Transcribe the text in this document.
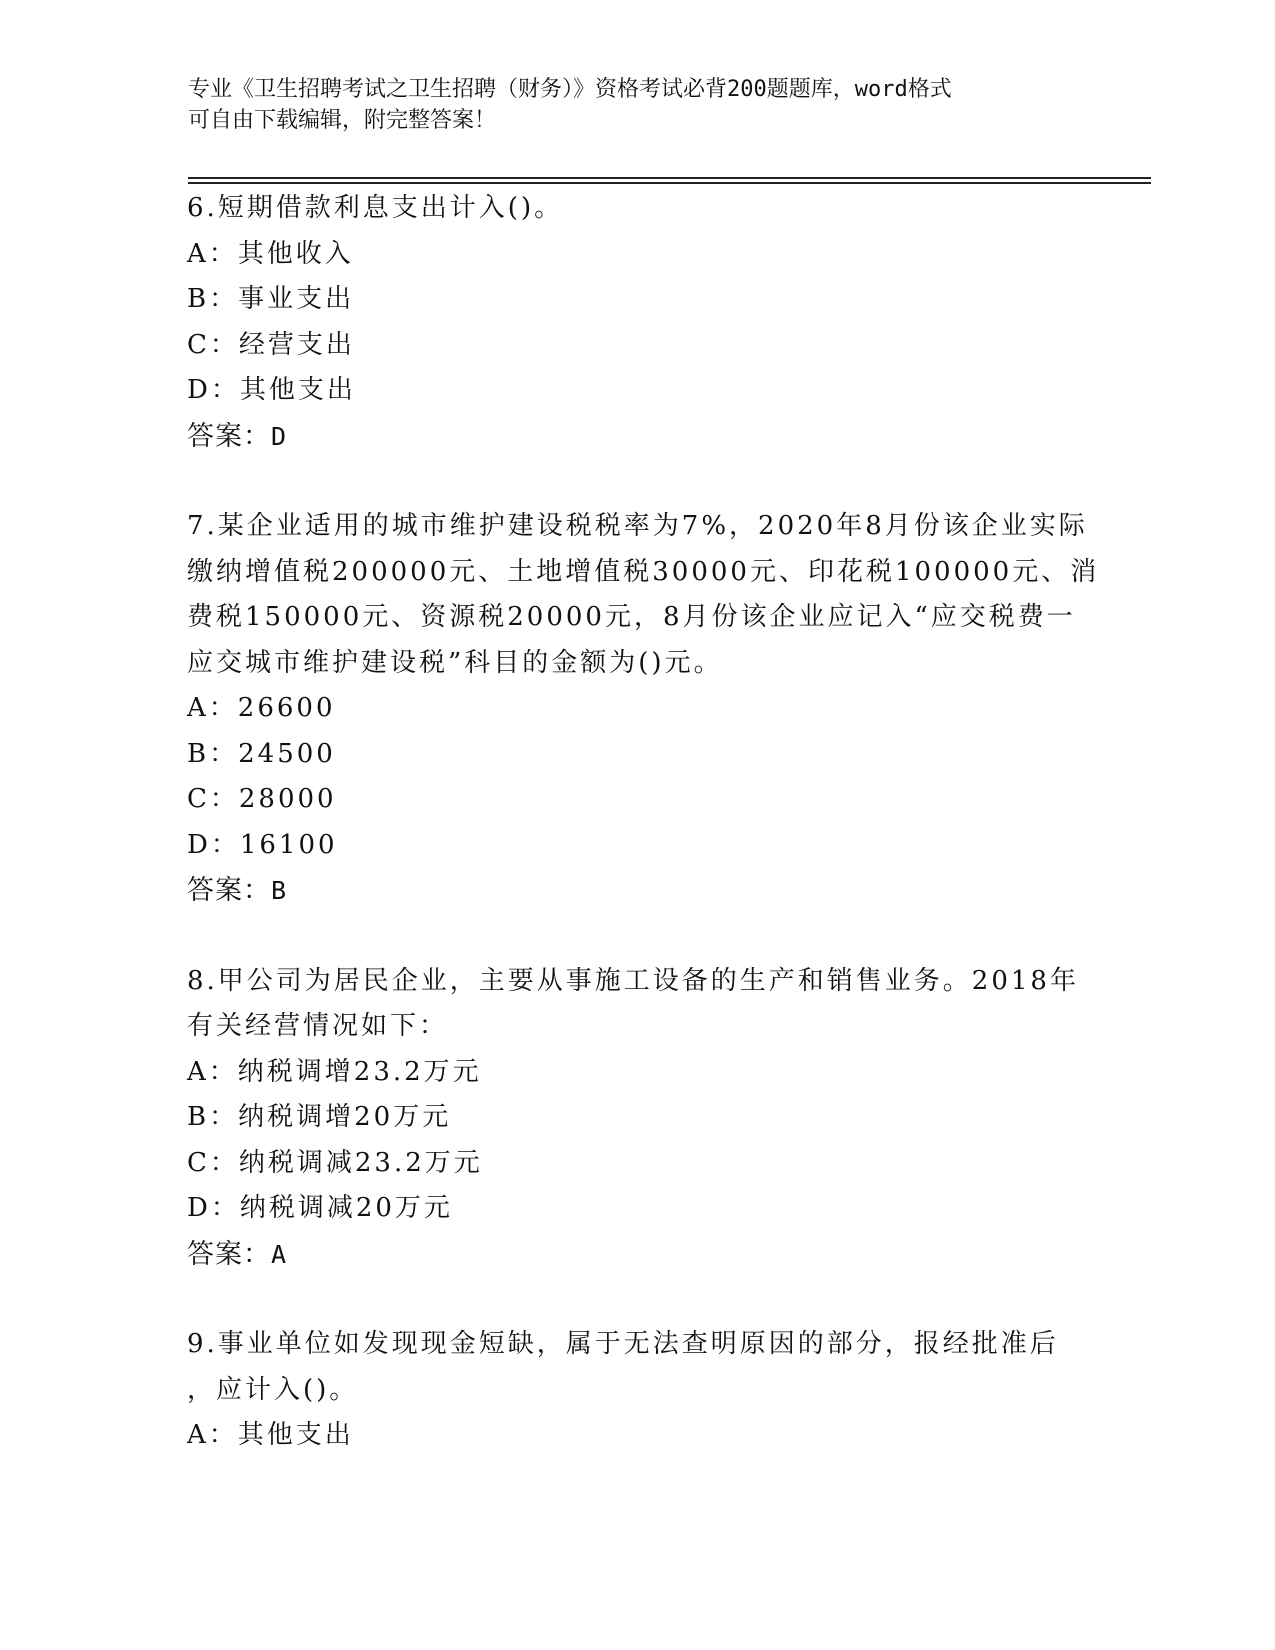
专业《卫生招聘考试之卫生招聘（财务）》资格考试必背200题题库，word格式
可自由下载编辑，附完整答案！
6.短期借款利息支出计入()。
A：其他收入
B：事业支出
C：经营支出
D：其他支出
答案：D
7.某企业适用的城市维护建设税税率为7%，2020年8月份该企业实际
缴纳增值税200000元、土地增值税30000元、印花税100000元、消
费税150000元、资源税20000元，8月份该企业应记入“应交税费一
应交城市维护建设税”科目的金额为()元。
A：26600
B：24500
C：28000
D：16100
答案：B
8.甲公司为居民企业，主要从事施工设备的生产和销售业务。2018年
有关经营情况如下：
A：纳税调增23.2万元
B：纳税调增20万元
C：纳税调减23.2万元
D：纳税调减20万元
答案：A
9.事业单位如发现现金短缺，属于无法查明原因的部分，报经批准后
，应计入()。
A：其他支出
